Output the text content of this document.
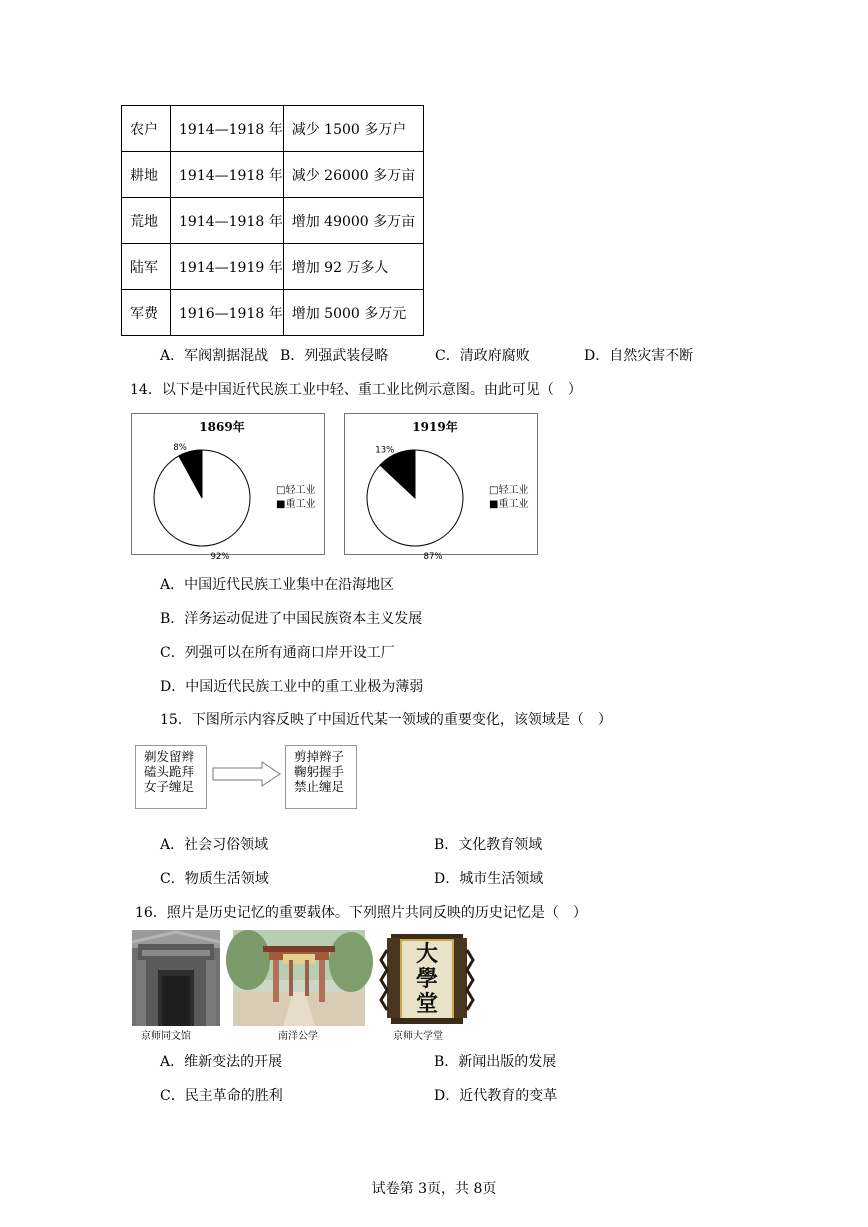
农户	1914—1918 年	减少 1500 多万户
耕地	1914—1918 年	减少 26000 多万亩
荒地	1914—1918 年	增加 49000 多万亩
陆军	1914—1919 年	增加 92 万多人
军费	1916—1918 年	增加 5000 多万元
A．军阀割据混战 B．列强武装侵略	C．清政府腐败	D．自然灾害不断
14．以下是中国近代民族工业中轻、重工业比例示意图。由此可见（　）
1869年
8%
92%
□轻工业
■重工业
1919年
13%
87%
□轻工业
■重工业
A．中国近代民族工业集中在沿海地区
B．洋务运动促进了中国民族资本主义发展
C．列强可以在所有通商口岸开设工厂
D．中国近代民族工业中的重工业极为薄弱
15．下图所示内容反映了中国近代某一领域的重要变化，该领域是（　）
剃发留辫
磕头跪拜
女子缠足
剪掉辫子
鞠躬握手
禁止缠足
A．社会习俗领域	B．文化教育领域
C．物质生活领域	D．城市生活领域
16．照片是历史记忆的重要载体。下列照片共同反映的历史记忆是（　）
京师同文馆	南洋公学
大
學
堂
京师大学堂
A．维新变法的开展	B．新闻出版的发展
C．民主革命的胜利	D．近代教育的变革
试卷第 3页，共 8页
